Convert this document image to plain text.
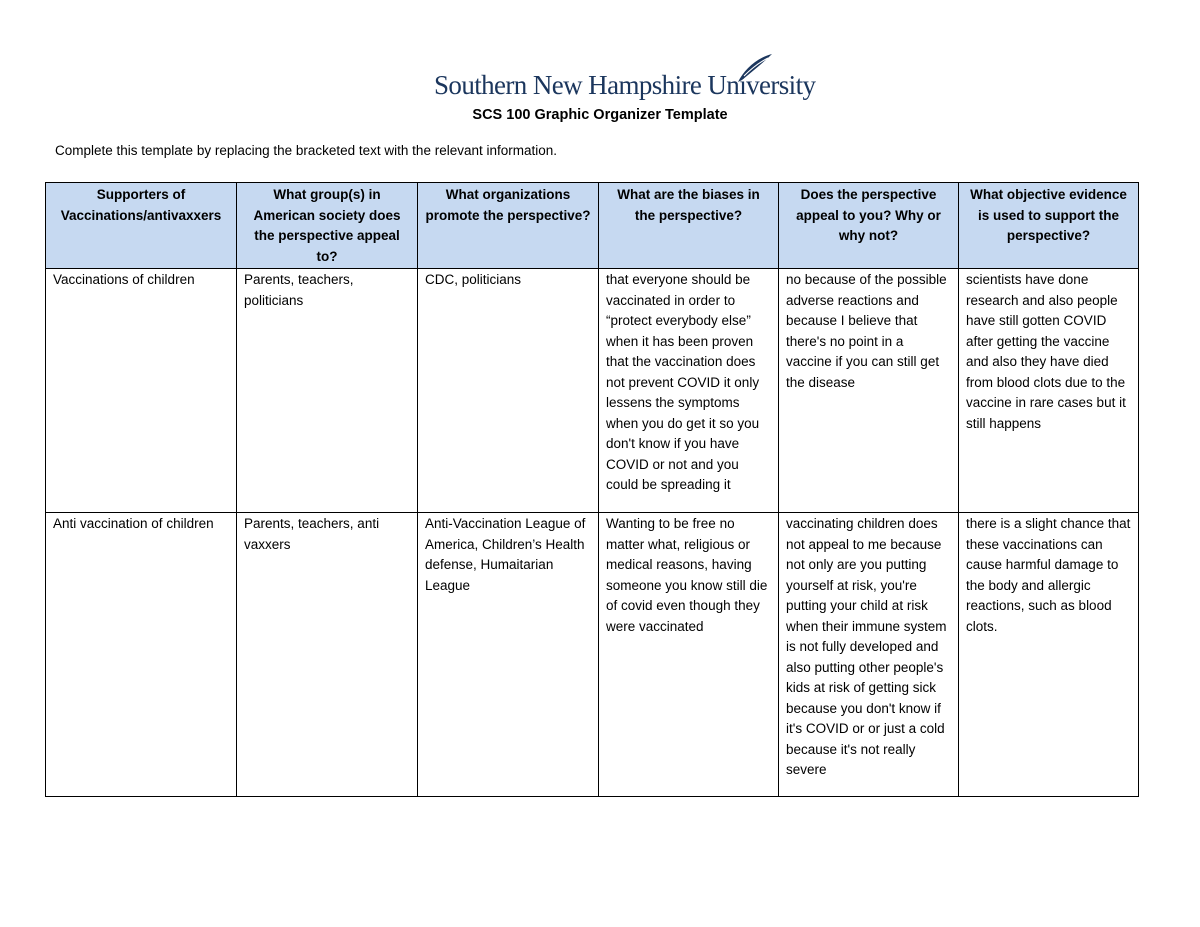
Southern New Hampshire University
SCS 100 Graphic Organizer Template
Complete this template by replacing the bracketed text with the relevant information.
Supporters of Vaccinations/antivaxxers	What group(s) in American society does the perspective appeal to?	What organizations promote the perspective?	What are the biases in the perspective?	Does the perspective appeal to you? Why or why not?	What objective evidence is used to support the perspective?
Vaccinations of children	Parents, teachers, politicians	CDC, politicians	that everyone should be vaccinated in order to “protect everybody else” when it has been proven that the vaccination does not prevent COVID it only lessens the symptoms when you do get it so you don't know if you have COVID or not and you could be spreading it	no because of the possible adverse reactions and because I believe that there's no point in a vaccine if you can still get the disease	scientists have done research and also people have still gotten COVID after getting the vaccine and also they have died from blood clots due to the vaccine in rare cases but it still happens
Anti vaccination of children	Parents, teachers, anti vaxxers	Anti-Vaccination League of America, Children’s Health defense, Humaitarian League	Wanting to be free no matter what, religious or medical reasons, having someone you know still die of covid even though they were vaccinated	vaccinating children does not appeal to me because not only are you putting yourself at risk, you're putting your child at risk when their immune system is not fully developed and also putting other people's kids at risk of getting sick because you don't know if it's COVID or or just a cold because it's not really severe	there is a slight chance that these vaccinations can cause harmful damage to the body and allergic reactions, such as blood clots.
